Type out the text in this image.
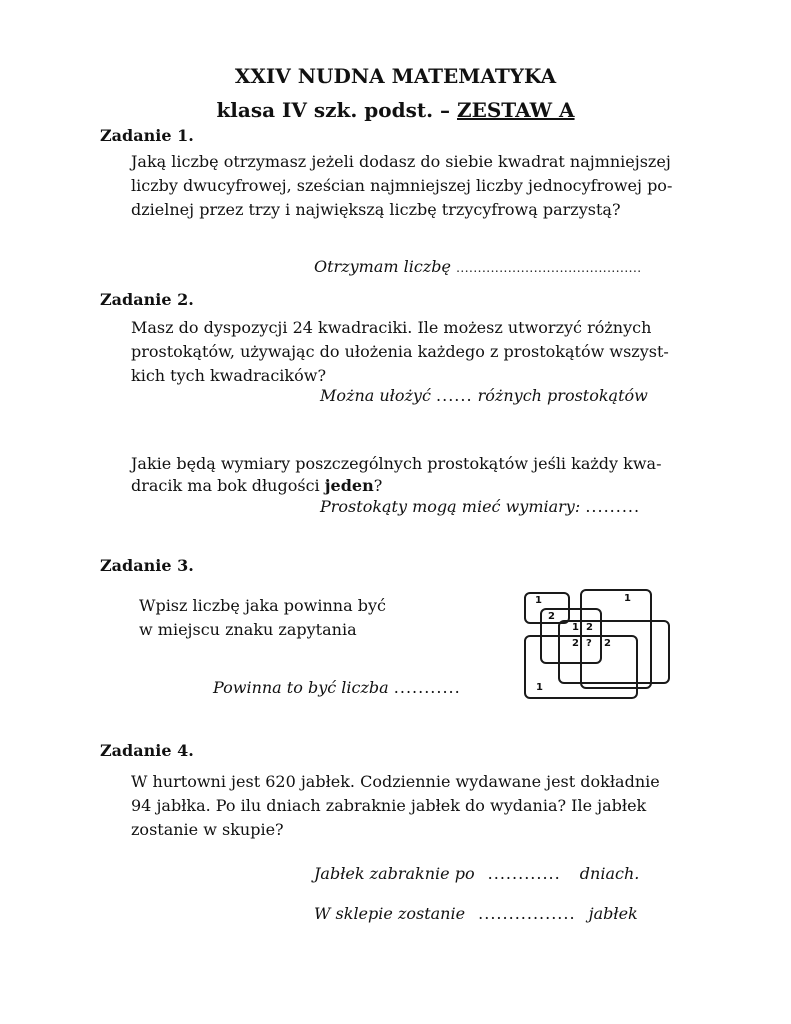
XXIV NUDNA MATEMATYKA
klasa IV szk. podst. – ZESTAW A
Zadanie 1.
Jaką liczbę otrzymasz jeżeli dodasz do siebie kwadrat najmniejszej
liczby dwucyfrowej, sześcian najmniejszej liczby jednocyfrowej po-
dzielnej przez trzy i największą liczbę trzycyfrową parzystą?
Otrzymam liczbę ...........................................
Zadanie 2.
Masz do dyspozycji 24 kwadraciki. Ile możesz utworzyć różnych
prostokątów, używając do ułożenia każdego z prostokątów wszyst-
kich tych kwadracików?
Można ułożyć ...... różnych prostokątów
Jakie będą wymiary poszczególnych prostokątów jeśli każdy kwa-
dracik ma bok długości jeden?
Prostokąty mogą mieć wymiary: .........
Zadanie 3.
Wpisz liczbę jaka powinna być
w miejscu znaku zapytania
Powinna to być liczba ...........
1	1
2
1 2
2 ? 2
1
Zadanie 4.
W hurtowni jest 620 jabłek. Codziennie wydawane jest dokładnie
94 jabłka. Po ilu dniach zabraknie jabłek do wydania? Ile jabłek
zostanie w skupie?
Jabłek zabraknie po ............ dniach.
W sklepie zostanie ................ jabłek
